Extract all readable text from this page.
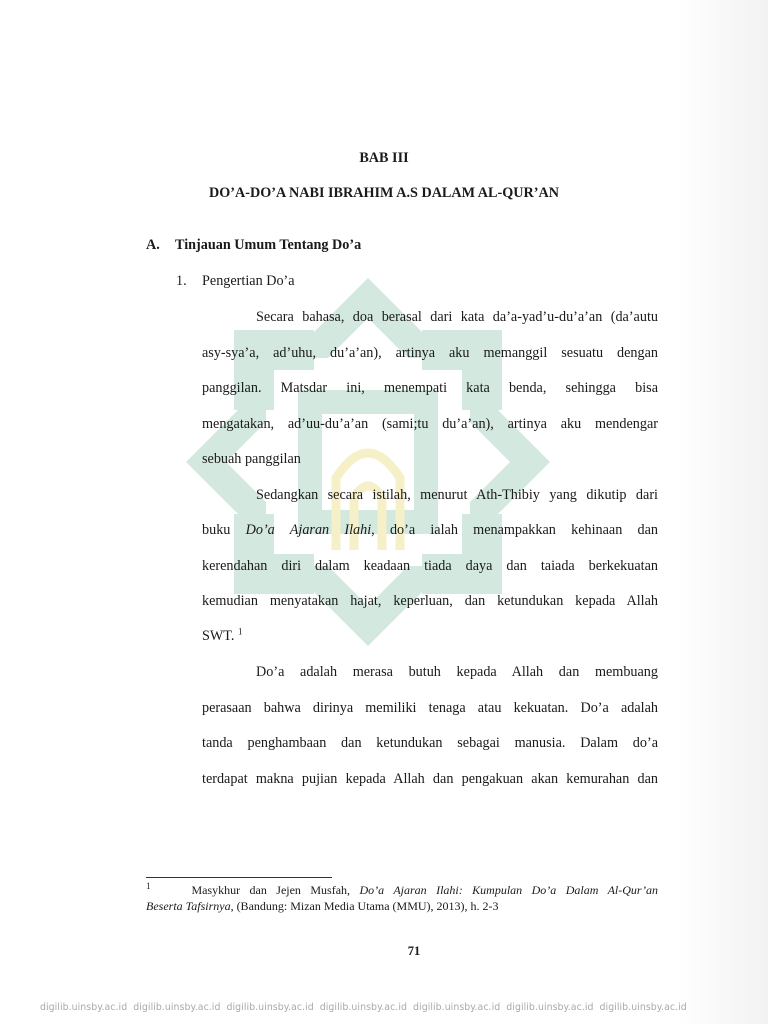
BAB III
DO’A-DO’A NABI IBRAHIM A.S DALAM AL-QUR’AN
A. Tinjauan Umum Tentang Do’a
1. Pengertian Do’a
Secara bahasa, doa berasal dari kata da’a-yad’u-du’a’an (da’autu
asy-sya’a, ad’uhu, du’a’an), artinya aku memanggil sesuatu dengan
panggilan. Matsdar ini, menempati kata benda, sehingga bisa
mengatakan, ad’uu-du’a’an (sami;tu du’a’an), artinya aku mendengar
sebuah panggilan
Sedangkan secara istilah, menurut Ath-Thibiy yang dikutip dari
buku Do’a Ajaran Ilahi, do’a ialah menampakkan kehinaan dan
kerendahan diri dalam keadaan tiada daya dan taiada berkekuatan
kemudian menyatakan hajat, keperluan, dan ketundukan kepada Allah
SWT. $^1$
Do’a adalah merasa butuh kepada Allah dan membuang
perasaan bahwa dirinya memiliki tenaga atau kekuatan. Do’a adalah
tanda penghambaan dan ketundukan sebagai manusia. Dalam do’a
terdapat makna pujian kepada Allah dan pengakuan akan kemurahan dan
$^1$	Masykhur dan Jejen Musfah, Do’a Ajaran Ilahi: Kumpulan Do’a Dalam Al-Qur’an
Beserta Tafsirnya, (Bandung: Mizan Media Utama (MMU), 2013), h. 2-3
71
digilib.uinsby.ac.id  digilib.uinsby.ac.id  digilib.uinsby.ac.id  digilib.uinsby.ac.id  digilib.uinsby.ac.id  digilib.uinsby.ac.id  digilib.uinsby.ac.id
